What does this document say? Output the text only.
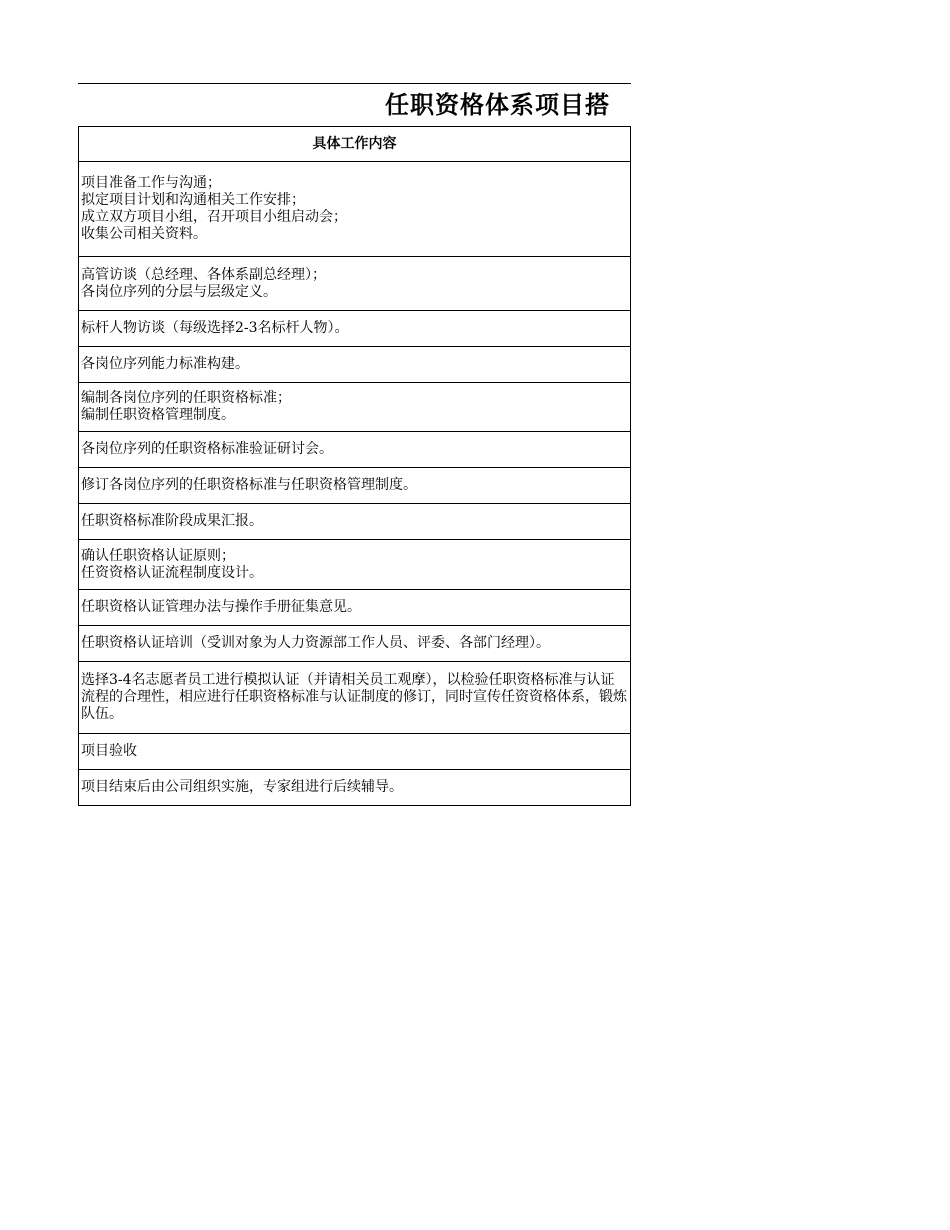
任职资格体系项目搭
具体工作内容
项目准备工作与沟通；
拟定项目计划和沟通相关工作安排；
成立双方项目小组，召开项目小组启动会；
收集公司相关资料。
高管访谈（总经理、各体系副总经理）；
各岗位序列的分层与层级定义。
标杆人物访谈（每级选择2-3名标杆人物）。
各岗位序列能力标准构建。
编制各岗位序列的任职资格标准；
编制任职资格管理制度。
各岗位序列的任职资格标准验证研讨会。
修订各岗位序列的任职资格标准与任职资格管理制度。
任职资格标准阶段成果汇报。
确认任职资格认证原则；
任资资格认证流程制度设计。
任职资格认证管理办法与操作手册征集意见。
任职资格认证培训（受训对象为人力资源部工作人员、评委、各部门经理）。
选择3-4名志愿者员工进行模拟认证（并请相关员工观摩），以检验任职资格标准与认证流程的合理性，相应进行任职资格标准与认证制度的修订，同时宣传任资资格体系，锻炼队伍。
项目验收
项目结束后由公司组织实施，专家组进行后续辅导。
